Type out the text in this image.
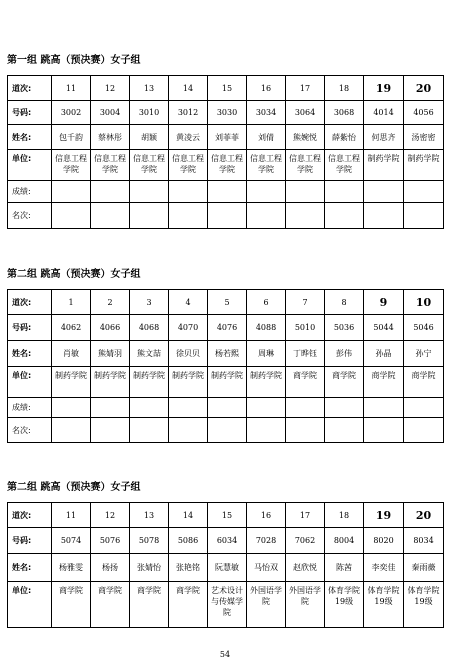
第一组 跳高（预决赛）女子组
道次:	11	12	13	14	15	16	17	18	19	20
号码:	3002	3004	3010	3012	3030	3034	3064	3068	4014	4056
姓名:	包千韵	蔡林彤	胡颖	黄凌云	刘菲菲	刘倩	熊婉悦	薛紫怡	何思齐	汤密密
单位:	信息工程学院	信息工程学院	信息工程学院	信息工程学院	信息工程学院	信息工程学院	信息工程学院	信息工程学院	制药学院	制药学院
成绩:										
名次:										
第二组 跳高（预决赛）女子组
道次:	1	2	3	4	5	6	7	8	9	10
号码:	4062	4066	4068	4070	4076	4088	5010	5036	5044	5046
姓名:	肖敏	熊婧羽	熊文喆	徐贝贝	杨若熙	周琳	丁晔钰	彭伟	孙晶	孙宁
单位:	制药学院	制药学院	制药学院	制药学院	制药学院	制药学院	商学院	商学院	商学院	商学院
成绩:										
名次:										
第二组 跳高（预决赛）女子组
道次:	11	12	13	14	15	16	17	18	19	20
号码:	5074	5076	5078	5086	6034	7028	7062	8004	8020	8034
姓名:	杨雅雯	杨扬	张婧怡	张艳铭	阮慧敏	马怡双	赵欣悦	陈茜	李奕佳	秦雨薇
单位:	商学院	商学院	商学院	商学院	艺术设计与传媒学院	外国语学院	外国语学院	体育学院19级	体育学院19级	体育学院19级
54
